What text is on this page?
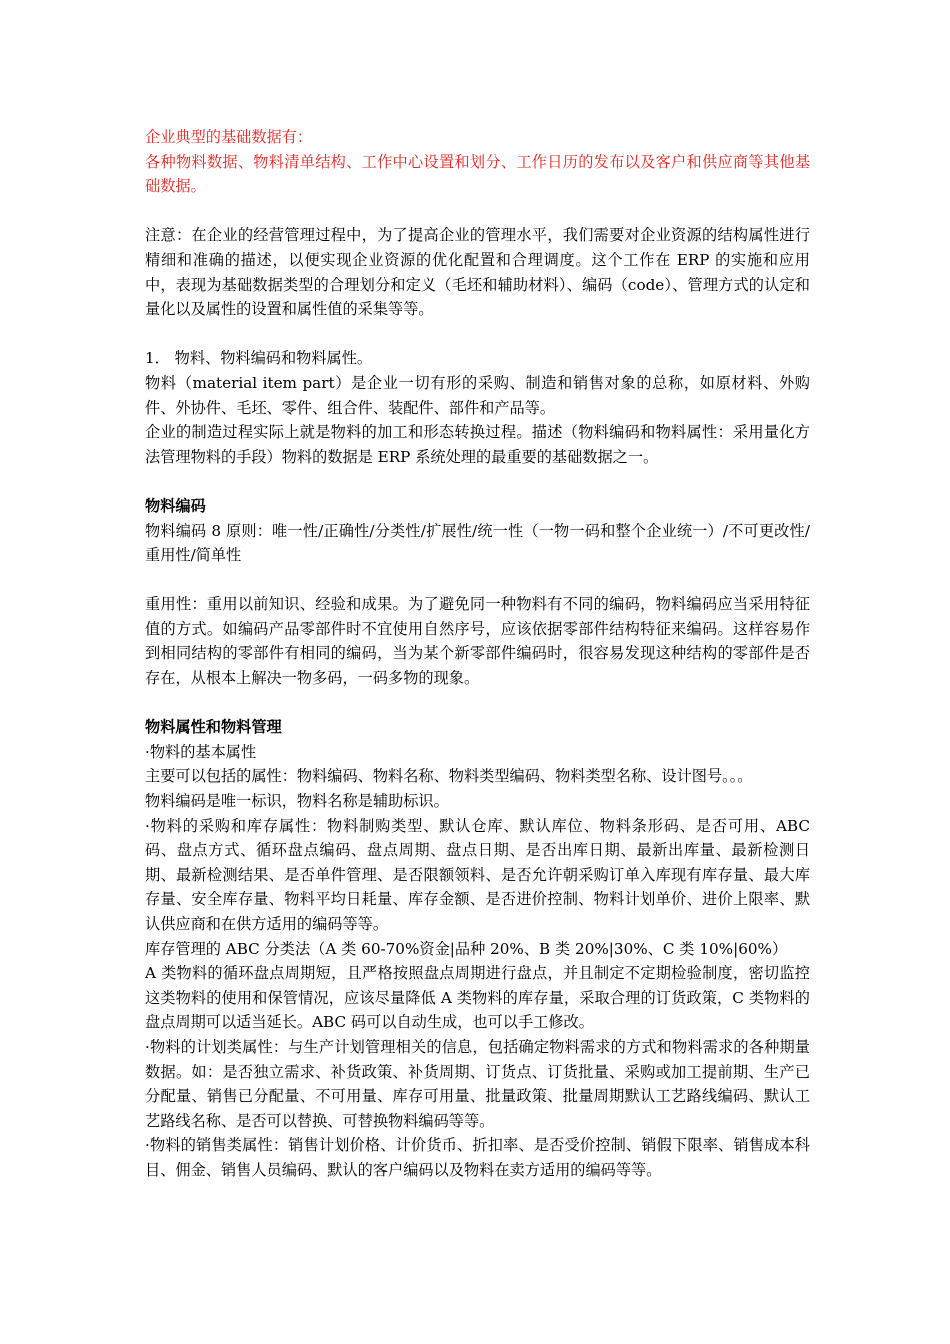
企业典型的基础数据有：

各种物料数据、物料清单结构、工作中心设置和划分、工作日历的发布以及客户和供应商等其他基础数据。

注意：在企业的经营管理过程中，为了提高企业的管理水平，我们需要对企业资源的结构属性进行精细和准确的描述，以便实现企业资源的优化配置和合理调度。这个工作在 ERP 的实施和应用中，表现为基础数据类型的合理划分和定义（毛坯和辅助材料）、编码（code）、管理方式的认定和量化以及属性的设置和属性值的采集等等。

1． 物料、物料编码和物料属性。

物料（material item part）是企业一切有形的采购、制造和销售对象的总称，如原材料、外购件、外协件、毛坯、零件、组合件、装配件、部件和产品等。

企业的制造过程实际上就是物料的加工和形态转换过程。描述（物料编码和物料属性：采用量化方法管理物料的手段）物料的数据是 ERP 系统处理的最重要的基础数据之一。

物料编码

物料编码 8 原则：唯一性/正确性/分类性/扩展性/统一性（一物一码和整个企业统一）/不可更改性/重用性/简单性

重用性：重用以前知识、经验和成果。为了避免同一种物料有不同的编码，物料编码应当采用特征值的方式。如编码产品零部件时不宜使用自然序号，应该依据零部件结构特征来编码。这样容易作到相同结构的零部件有相同的编码，当为某个新零部件编码时，很容易发现这种结构的零部件是否存在，从根本上解决一物多码，一码多物的现象。

物料属性和物料管理

·物料的基本属性

主要可以包括的属性：物料编码、物料名称、物料类型编码、物料类型名称、设计图号。。。

物料编码是唯一标识，物料名称是辅助标识。

·物料的采购和库存属性：物料制购类型、默认仓库、默认库位、物料条形码、是否可用、ABC 码、盘点方式、循环盘点编码、盘点周期、盘点日期、是否出库日期、最新出库量、最新检测日期、最新检测结果、是否单件管理、是否限额领料、是否允许朝采购订单入库现有库存量、最大库存量、安全库存量、物料平均日耗量、库存金额、是否进价控制、物料计划单价、进价上限率、默认供应商和在供方适用的编码等等。

库存管理的 ABC 分类法（A 类 60-70%资金|品种 20%、B 类 20%|30%、C 类 10%|60%）

A 类物料的循环盘点周期短，且严格按照盘点周期进行盘点，并且制定不定期检验制度，密切监控这类物料的使用和保管情况，应该尽量降低 A 类物料的库存量，采取合理的订货政策，C 类物料的盘点周期可以适当延长。ABC 码可以自动生成，也可以手工修改。

·物料的计划类属性：与生产计划管理相关的信息，包括确定物料需求的方式和物料需求的各种期量数据。如：是否独立需求、补货政策、补货周期、订货点、订货批量、采购或加工提前期、生产已分配量、销售已分配量、不可用量、库存可用量、批量政策、批量周期默认工艺路线编码、默认工艺路线名称、是否可以替换、可替换物料编码等等。

·物料的销售类属性：销售计划价格、计价货币、折扣率、是否受价控制、销假下限率、销售成本科目、佣金、销售人员编码、默认的客户编码以及物料在卖方适用的编码等等。
